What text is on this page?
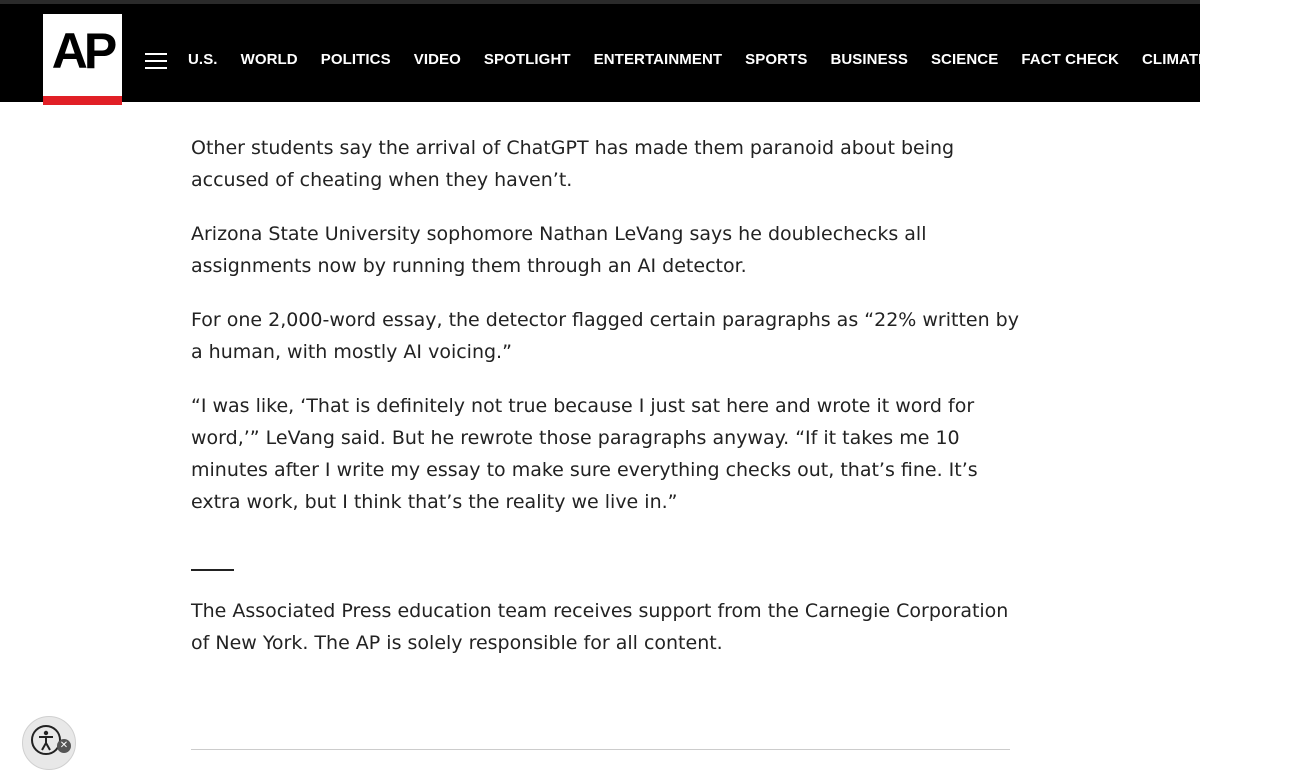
AP	U.S. WORLD POLITICS VIDEO SPOTLIGHT ENTERTAINMENT SPORTS BUSINESS SCIENCE FACT CHECK CLIMATE HEALTH

Other students say the arrival of ChatGPT has made them paranoid about being accused of cheating when they haven’t.

Arizona State University sophomore Nathan LeVang says he doublechecks all assignments now by running them through an AI detector.

For one 2,000-word essay, the detector flagged certain paragraphs as “22% written by a human, with mostly AI voicing.”

“I was like, ‘That is definitely not true because I just sat here and wrote it word for word,’” LeVang said. But he rewrote those paragraphs anyway. “If it takes me 10 minutes after I write my essay to make sure everything checks out, that’s fine. It’s extra work, but I think that’s the reality we live in.”

The Associated Press education team receives support from the Carnegie Corporation of New York. The AP is solely responsible for all content.

✕
